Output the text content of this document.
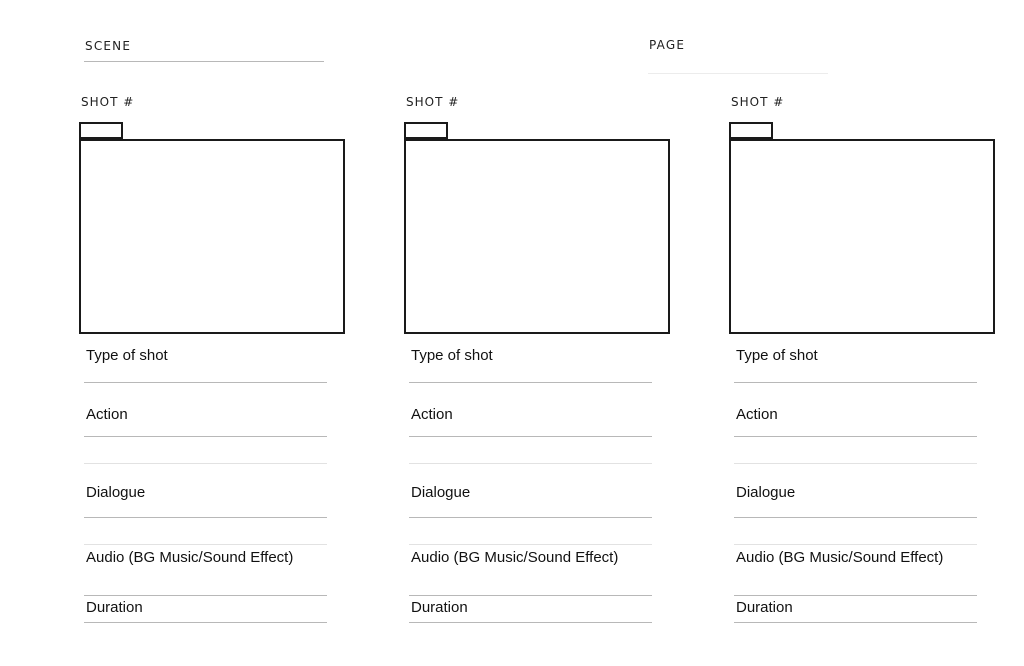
SCENE	PAGE
SHOT #
Type of shot
Action
Dialogue
Audio (BG Music/Sound Effect)
Duration
SHOT #
Type of shot
Action
Dialogue
Audio (BG Music/Sound Effect)
Duration
SHOT #
Type of shot
Action
Dialogue
Audio (BG Music/Sound Effect)
Duration
